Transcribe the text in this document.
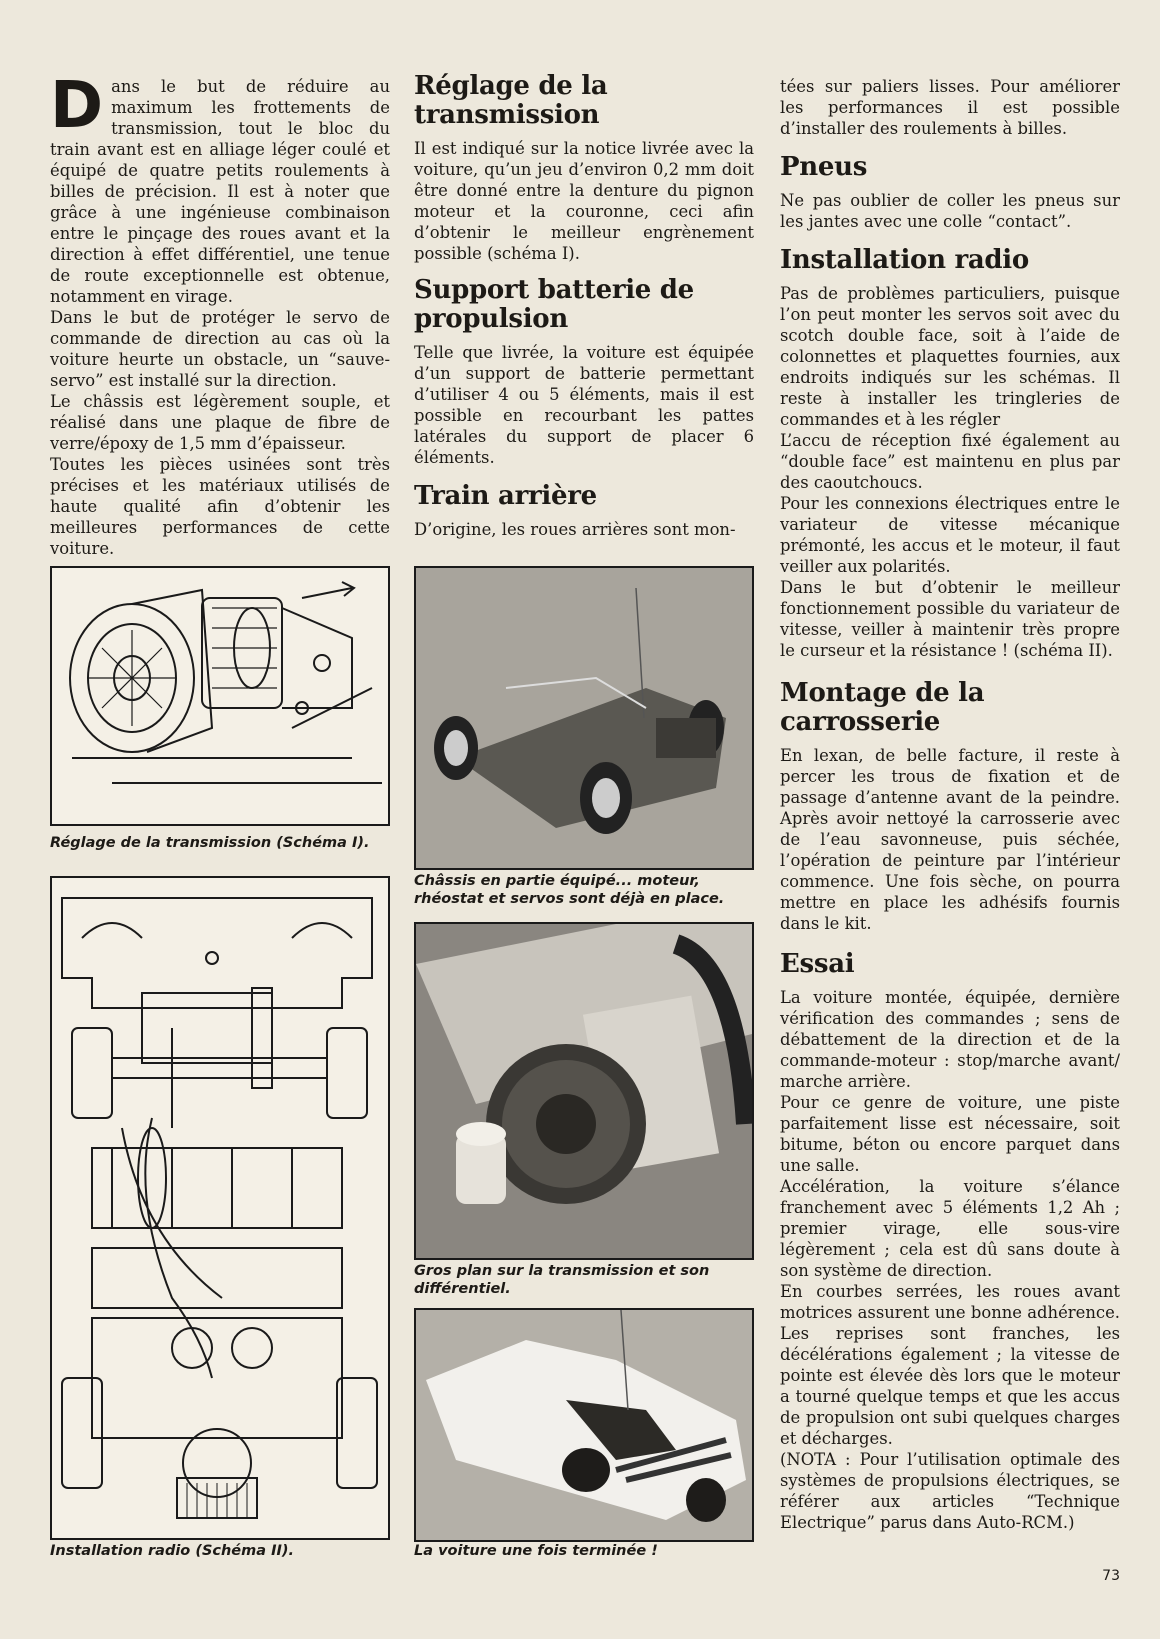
D ans le but de réduire au maximum les frottements de transmission, tout le bloc du train avant est en alliage léger coulé et équipé de quatre petits roulements à billes de précision. Il est à noter que grâce à une ingénieuse combinaison entre le pinçage des roues avant et la direction à effet différentiel, une tenue de route exceptionnelle est obtenue, notamment en virage.

Dans le but de protéger le servo de commande de direction au cas où la voiture heurte un obstacle, un “sauve-servo” est installé sur la direction.

Le châssis est légèrement souple, et réalisé dans une plaque de fibre de verre/époxy de 1,5 mm d’épaisseur.

Toutes les pièces usinées sont très précises et les matériaux utilisés de haute qualité afin d’obtenir les meilleures performances de cette voiture.

Réglage de la transmission

Il est indiqué sur la notice livrée avec la voiture, qu’un jeu d’environ 0,2 mm doit être donné entre la denture du pignon moteur et la couronne, ceci afin d’obtenir le meilleur engrènement possible (schéma I).

Support batterie de propulsion

Telle que livrée, la voiture est équipée d’un support de batterie permettant d’utiliser 4 ou 5 éléments, mais il est possible en recourbant les pattes latérales du support de placer 6 éléments.

Train arrière

D’origine, les roues arrières sont mon-

tées sur paliers lisses. Pour améliorer les performances il est possible d’installer des roulements à billes.

Pneus

Ne pas oublier de coller les pneus sur les jantes avec une colle “contact”.

Installation radio

Pas de problèmes particuliers, puisque l’on peut monter les servos soit avec du scotch double face, soit à l’aide de colonnettes et plaquettes fournies, aux endroits indiqués sur les schémas. Il reste à installer les tringleries de commandes et à les régler

L’accu de réception fixé également au “double face” est maintenu en plus par des caoutchoucs.

Pour les connexions électriques entre le variateur de vitesse mécanique prémonté, les accus et le moteur, il faut veiller aux polarités.

Dans le but d’obtenir le meilleur fonctionnement possible du variateur de vitesse, veiller à maintenir très propre le curseur et la résistance ! (schéma II).

Montage de la carrosserie

En lexan, de belle facture, il reste à percer les trous de fixation et de passage d’antenne avant de la peindre. Après avoir nettoyé la carrosserie avec de l’eau savonneuse, puis séchée, l’opération de peinture par l’intérieur commence. Une fois sèche, on pourra mettre en place les adhésifs fournis dans le kit.

Essai

La voiture montée, équipée, dernière vérification des commandes ; sens de débattement de la direction et de la commande-moteur : stop/marche avant/ marche arrière.

Pour ce genre de voiture, une piste parfaitement lisse est nécessaire, soit bitume, béton ou encore parquet dans une salle.

Accélération, la voiture s’élance franchement avec 5 éléments 1,2 Ah ; premier virage, elle sous-vire légèrement ; cela est dû sans doute à son système de direction.

En courbes serrées, les roues avant motrices assurent une bonne adhérence. Les reprises sont franches, les décélérations également ; la vitesse de pointe est élevée dès lors que le moteur a tourné quelque temps et que les accus de propulsion ont subi quelques charges et décharges.

(NOTA : Pour l’utilisation optimale des systèmes de propulsions électriques, se référer aux articles “Technique Electrique” parus dans Auto-RCM.)

Réglage de la transmission (Schéma I).
Installation radio (Schéma II).
Châssis en partie équipé... moteur, rhéostat et servos sont déjà en place.
Gros plan sur la transmission et son différentiel.
La voiture une fois terminée !
73
